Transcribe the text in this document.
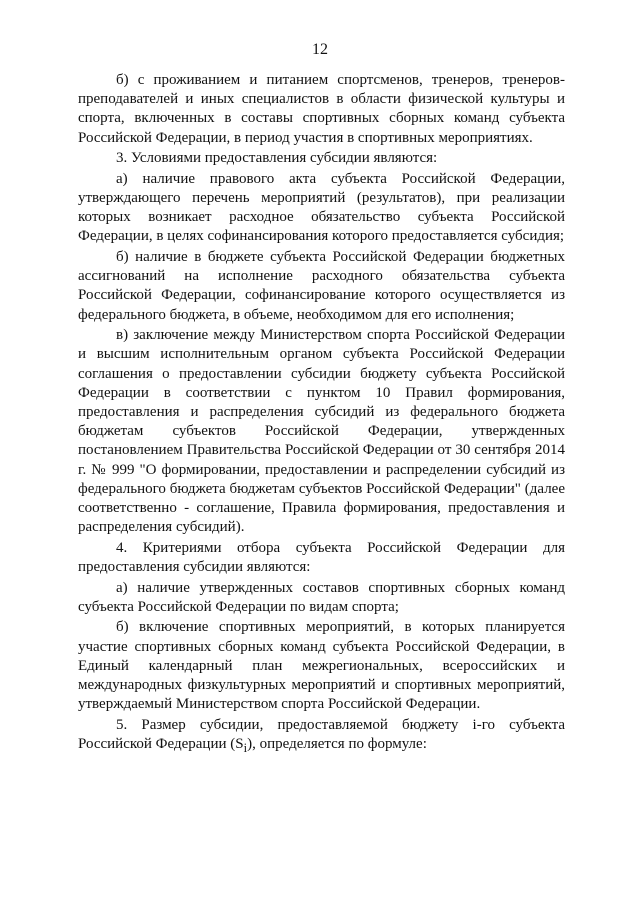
12

б) с проживанием и питанием спортсменов, тренеров, тренеров-преподавателей и иных специалистов в области физической культуры и спорта, включенных в составы спортивных сборных команд субъекта Российской Федерации, в период участия в спортивных мероприятиях.

3. Условиями предоставления субсидии являются:

а) наличие правового акта субъекта Российской Федерации, утверждающего перечень мероприятий (результатов), при реализации которых возникает расходное обязательство субъекта Российской Федерации, в целях софинансирования которого предоставляется субсидия;

б) наличие в бюджете субъекта Российской Федерации бюджетных ассигнований на исполнение расходного обязательства субъекта Российской Федерации, софинансирование которого осуществляется из федерального бюджета, в объеме, необходимом для его исполнения;

в) заключение между Министерством спорта Российской Федерации и высшим исполнительным органом субъекта Российской Федерации соглашения о предоставлении субсидии бюджету субъекта Российской Федерации в соответствии с пунктом 10 Правил формирования, предоставления и распределения субсидий из федерального бюджета бюджетам субъектов Российской Федерации, утвержденных постановлением Правительства Российской Федерации от 30 сентября 2014 г. № 999 "О формировании, предоставлении и распределении субсидий из федерального бюджета бюджетам субъектов Российской Федерации" (далее соответственно - соглашение, Правила формирования, предоставления и распределения субсидий).

4. Критериями отбора субъекта Российской Федерации для предоставления субсидии являются:

а) наличие утвержденных составов спортивных сборных команд субъекта Российской Федерации по видам спорта;

б) включение спортивных мероприятий, в которых планируется участие спортивных сборных команд субъекта Российской Федерации, в Единый календарный план межрегиональных, всероссийских и международных физкультурных мероприятий и спортивных мероприятий, утверждаемый Министерством спорта Российской Федерации.

5. Размер субсидии, предоставляемой бюджету i-го субъекта Российской Федерации $(S_i)$, определяется по формуле:
